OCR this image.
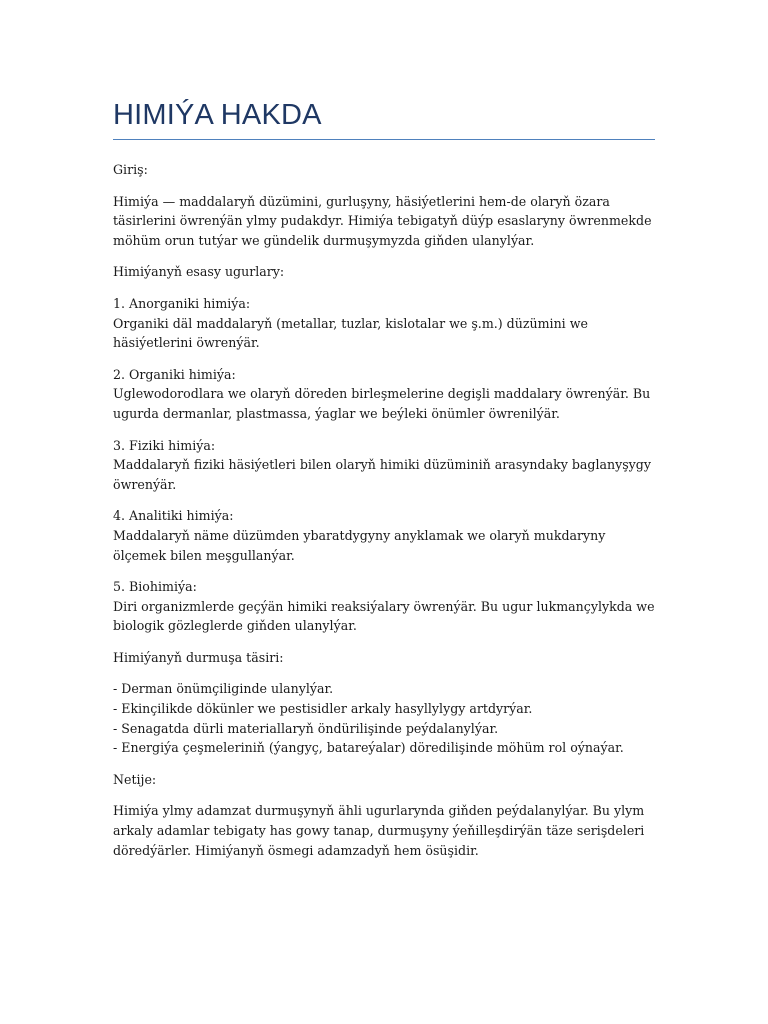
HIMIÝA HAKDA

Giriş:

Himiýa — maddalaryň düzümini, gurluşyny, häsiýetlerini hem-de olaryň özara täsirlerini öwrenýän ylmy pudakdyr. Himiýa tebigatyň düýp esaslaryny öwrenmekde möhüm orun tutýar we gündelik durmuşymyzda giňden ulanylýar.

Himiýanyň esasy ugurlary:

1. Anorganiki himiýa:
Organiki däl maddalaryň (metallar, tuzlar, kislotalar we ş.m.) düzümini we häsiýetlerini öwrenýär.

2. Organiki himiýa:
Uglewodorodlara we olaryň döreden birleşmelerine degişli maddalary öwrenýär. Bu ugurda dermanlar, plastmassa, ýaglar we beýleki önümler öwrenilýär.

3. Fiziki himiýa:
Maddalaryň fiziki häsiýetleri bilen olaryň himiki düzüminiň arasyndaky baglanyşygy öwrenýär.

4. Analitiki himiýa:
Maddalaryň näme düzümden ybaratdygyny anyklamak we olaryň mukdaryny ölçemek bilen meşgullanýar.

5. Biohimiýa:
Diri organizmlerde geçýän himiki reaksiýalary öwrenýär. Bu ugur lukmançylykda we biologik gözleglerde giňden ulanylýar.

Himiýanyň durmuşa täsiri:

- Derman önümçiliginde ulanylýar.
- Ekinçilikde dökünler we pestisidler arkaly hasyllylygy artdyrýar.
- Senagatda dürli materiallaryň öndürilişinde peýdalanylýar.
- Energiýa çeşmeleriniň (ýangyç, batareýalar) döredilişinde möhüm rol oýnaýar.

Netije:

Himiýa ylmy adamzat durmuşynyň ähli ugurlarynda giňden peýdalanylýar. Bu ylym arkaly adamlar tebigaty has gowy tanap, durmuşyny ýeňilleşdirýän täze serişdeleri döredýärler. Himiýanyň ösmegi adamzadyň hem ösüşidir.
